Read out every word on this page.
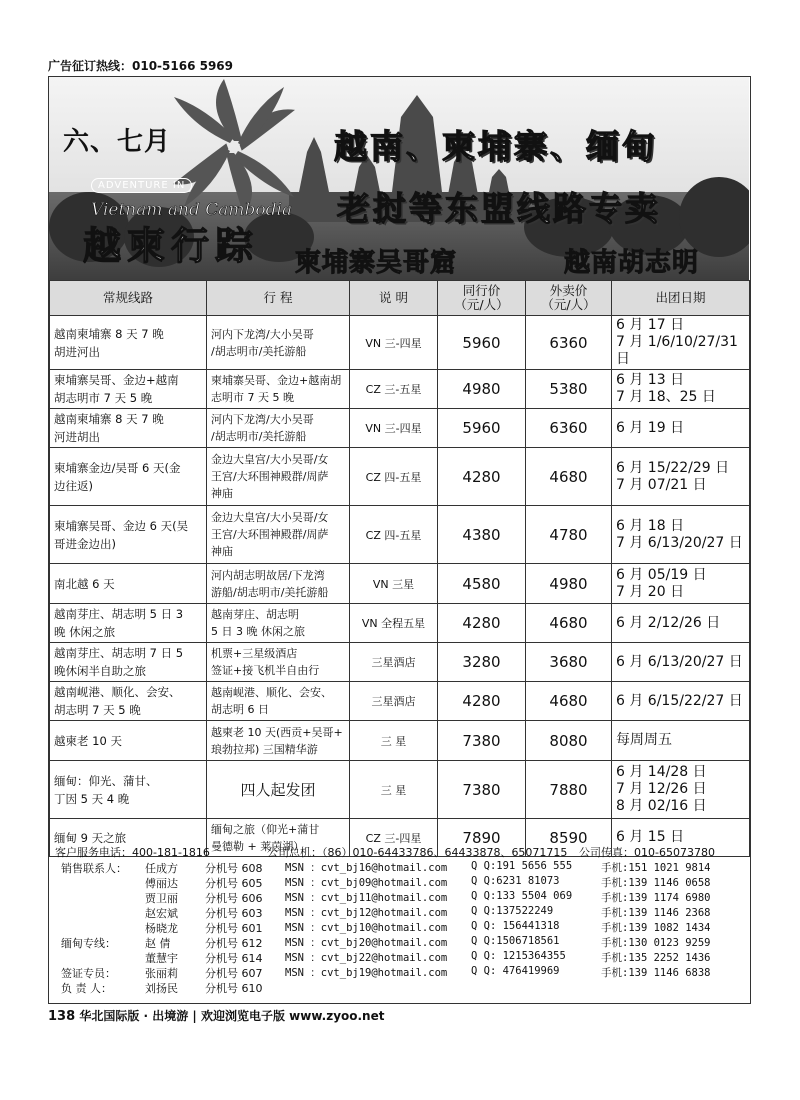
广告征订热线：010-5166 5969
六、七月	越南、柬埔寨、缅甸
老挝等东盟线路专卖
ADVENTURE IN
Vietnam and Cambodia
越柬行踪 柬埔寨吴哥窟	越南胡志明
常规线路	行 程	说 明	同行价
（元/人）	外卖价
（元/人）	出团日期

越南柬埔寨 8 天 7 晚
胡进河出	河内下龙湾/大小吴哥
/胡志明市/美托游船	VN 三-四星	5960	6360	6 月 17 日
7 月 1/6/10/27/31 日

柬埔寨吴哥、金边+越南
胡志明市 7 天 5 晚	柬埔寨吴哥、金边+越南胡
志明市 7 天 5 晚	CZ 三-五星	4980	5380	6 月 13 日
7 月 18、25 日

越南柬埔寨 8 天 7 晚
河进胡出	河内下龙湾/大小吴哥
/胡志明市/美托游船	VN 三-四星	5960	6360	6 月 19 日

柬埔寨金边/吴哥 6 天(金
边往返)	金边大皇宫/大小吴哥/女
王宫/大环围神殿群/周萨
神庙	CZ 四-五星	4280	4680	6 月 15/22/29 日
7 月 07/21 日

柬埔寨吴哥、金边 6 天(吴
哥进金边出)	金边大皇宫/大小吴哥/女
王宫/大环围神殿群/周萨
神庙	CZ 四-五星	4380	4780	6 月 18 日
7 月 6/13/20/27 日

南北越 6 天	河内胡志明故居/下龙湾
游船/胡志明市/美托游船	VN 三星	4580	4980	6 月 05/19 日
7 月 20 日

越南芽庄、胡志明 5 日 3
晚 休闲之旅	越南芽庄、胡志明
5 日 3 晚 休闲之旅	VN 全程五星	4280	4680	6 月 2/12/26 日

越南芽庄、胡志明 7 日 5
晚休闲半自助之旅	机票+三星级酒店
签证+接飞机半自由行	三星酒店	3280	3680	6 月 6/13/20/27 日

越南岘港、顺化、会安、
胡志明 7 天 5 晚	越南岘港、顺化、会安、
胡志明 6 日	三星酒店	4280	4680	6 月 6/15/22/27 日

越柬老 10 天	越柬老 10 天(西贡+吴哥+
琅勃拉邦) 三国精华游	三 星	7380	8080	每周周五

缅甸：仰光、蒲甘、
丁因 5 天 4 晚	四人起发团	三 星	7380	7880	6 月 14/28 日
7 月 12/26 日
8 月 02/16 日

缅甸 9 天之旅	缅甸之旅（仰光+蒲甘
曼德勒 + 莱茵湖）	CZ 三-四星	7890	8590	6 月 15 日
客户服务电话：400-181-1816	公司总机：（86）010-64433786、64433878、65071715 公司传真：010-65073780
销售联系人： 任成方 分机号 608 MSN ：cvt_bj16@hotmail.com Q Q:191 5656 555	手机:151 1021 9814
傅丽达 分机号 605 MSN ：cvt_bj09@hotmail.com Q Q:6231 81073	手机:139 1146 0658
贾卫丽 分机号 606 MSN ：cvt_bj11@hotmail.com Q Q:133 5504 069	手机:139 1174 6980
赵宏斌 分机号 603 MSN ：cvt_bj12@hotmail.com Q Q:137522249	手机:139 1146 2368
杨晓龙 分机号 601 MSN ：cvt_bj10@hotmail.com Q Q: 156441318	手机:139 1082 1434
缅甸专线：	赵 倩	分机号 612 MSN ：cvt_bj20@hotmail.com Q Q:1506718561	手机:130 0123 9259
董慧宇 分机号 614 MSN ：cvt_bj22@hotmail.com Q Q: 1215364355	手机:135 2252 1436
签证专员：	张丽莉 分机号 607 MSN ：cvt_bj19@hotmail.com Q Q: 476419969	手机:139 1146 6838
负 责 人：	刘扬民 分机号 610
138 华北国际版 · 出境游 | 欢迎浏览电子版 www.zyoo.net
